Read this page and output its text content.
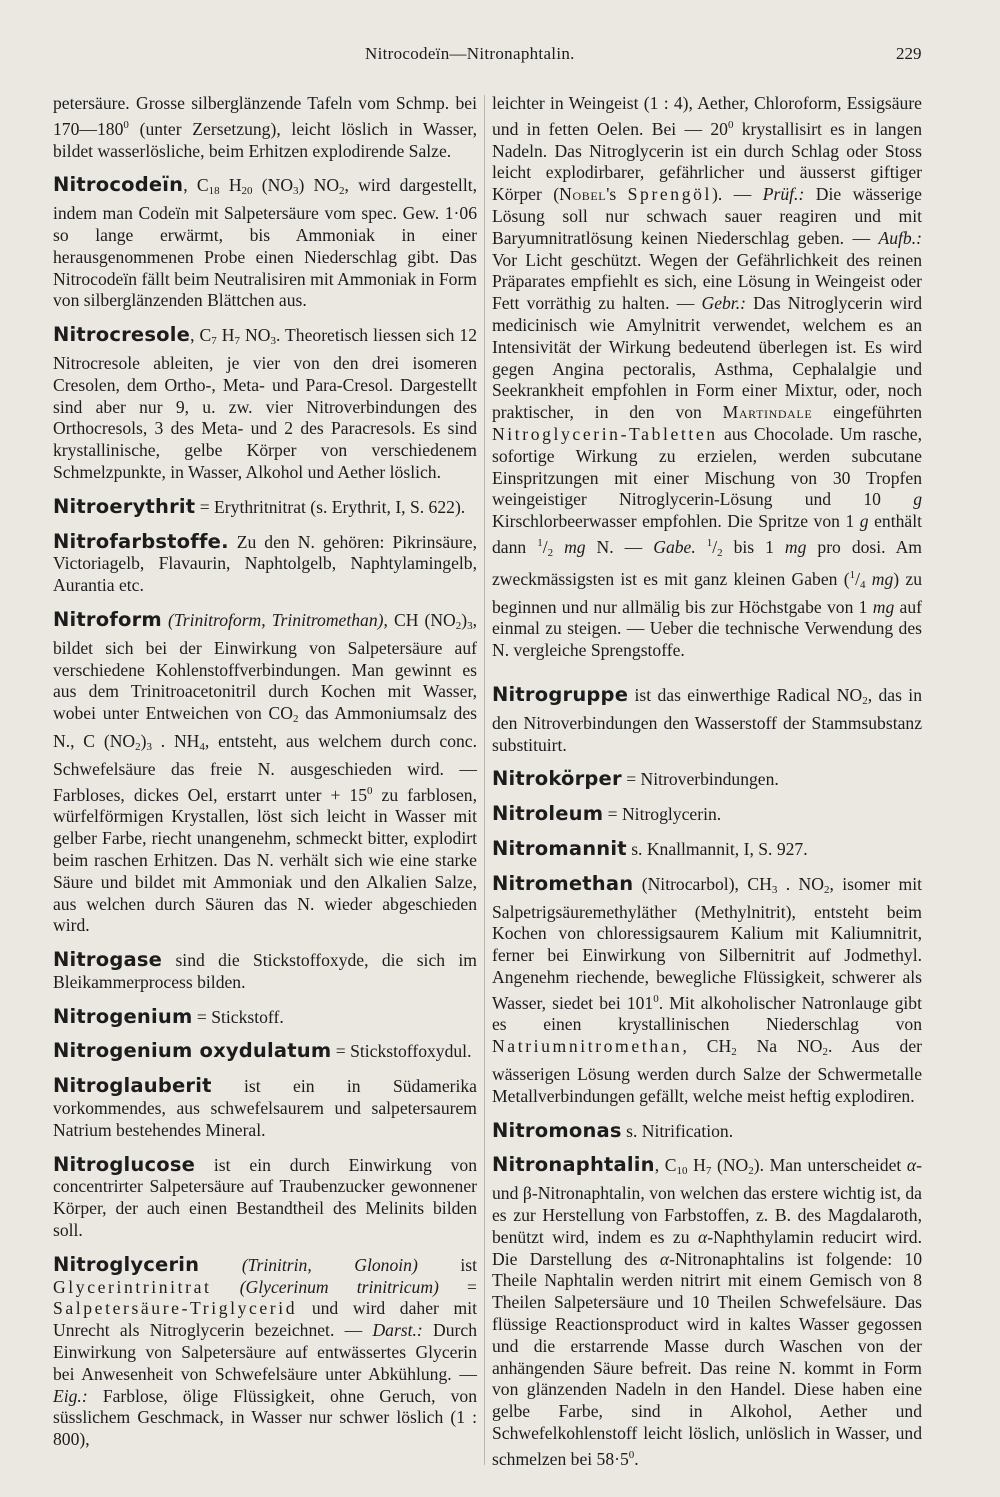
Nitrocodeïn—Nitronaphtalin.	229
petersäure. Grosse silberglänzende Tafeln vom Schmp. bei $170—180^0$ (unter Zersetzung), leicht löslich in Wasser, bildet wasserlösliche, beim Erhitzen explodirende Salze.
Nitrocodeïn, $C_{18}$ $H_{20}$ $(NO_3)$ $NO_2$, wird dargestellt, indem man Codeïn mit Salpetersäure vom spec. Gew. 1·06 so lange erwärmt, bis Ammoniak in einer herausgenommenen Probe einen Niederschlag gibt. Das Nitrocodeïn fällt beim Neutralisiren mit Ammoniak in Form von silberglänzenden Blättchen aus.
Nitrocresole, $C_7$ $H_7$ $NO_3$. Theoretisch liessen sich 12 Nitrocresole ableiten, je vier von den drei isomeren Cresolen, dem Ortho-, Meta- und Para-Cresol. Dargestellt sind aber nur 9, u. zw. vier Nitroverbindungen des Orthocresols, 3 des Meta- und 2 des Paracresols. Es sind krystallinische, gelbe Körper von verschiedenem Schmelzpunkte, in Wasser, Alkohol und Aether löslich.
Nitroerythrit = Erythritnitrat (s. Erythrit, I, S. 622).
Nitrofarbstoffe. Zu den N. gehören: Pikrinsäure, Victoriagelb, Flavaurin, Naphtolgelb, Naphtylamingelb, Aurantia etc.
Nitroform (Trinitroform, Trinitromethan), CH $(NO_2)_3$, bildet sich bei der Einwirkung von Salpetersäure auf verschiedene Kohlenstoffverbindungen. Man gewinnt es aus dem Trinitroacetonitril durch Kochen mit Wasser, wobei unter Entweichen von $CO_2$ das Ammoniumsalz des N., C $(NO_2)_3$ . $NH_4$, entsteht, aus welchem durch conc. Schwefelsäure das freie N. ausgeschieden wird. — Farbloses, dickes Oel, erstarrt unter + $15^0$ zu farblosen, würfelförmigen Krystallen, löst sich leicht in Wasser mit gelber Farbe, riecht unangenehm, schmeckt bitter, explodirt beim raschen Erhitzen. Das N. verhält sich wie eine starke Säure und bildet mit Ammoniak und den Alkalien Salze, aus welchen durch Säuren das N. wieder abgeschieden wird.
Nitrogase sind die Stickstoffoxyde, die sich im Bleikammerprocess bilden.
Nitrogenium = Stickstoff.
Nitrogenium oxydulatum = Stickstoffoxydul.
Nitroglauberit ist ein in Südamerika vorkommendes, aus schwefelsaurem und salpetersaurem Natrium bestehendes Mineral.
Nitroglucose ist ein durch Einwirkung von concentrirter Salpetersäure auf Traubenzucker gewonnener Körper, der auch einen Bestandtheil des Melinits bilden soll.
Nitroglycerin (Trinitrin, Glonoin) ist Glycerintrinitrat (Glycerinum trinitricum) = Salpetersäure-Triglycerid und wird daher mit Unrecht als Nitroglycerin bezeichnet. — Darst.: Durch Einwirkung von Salpetersäure auf entwässertes Glycerin bei Anwesenheit von Schwefelsäure unter Abkühlung. — Eig.: Farblose, ölige Flüssigkeit, ohne Geruch, von süsslichem Geschmack, in Wasser nur schwer löslich (1 : 800),
leichter in Weingeist (1 : 4), Aether, Chloroform, Essigsäure und in fetten Oelen. Bei — $20^0$ krystallisirt es in langen Nadeln. Das Nitroglycerin ist ein durch Schlag oder Stoss leicht explodirbarer, gefährlicher und äusserst giftiger Körper (Nobel's Sprengöl). — Prüf.: Die wässerige Lösung soll nur schwach sauer reagiren und mit Baryumnitratlösung keinen Niederschlag geben. — Aufb.: Vor Licht geschützt. Wegen der Gefährlichkeit des reinen Präparates empfiehlt es sich, eine Lösung in Weingeist oder Fett vorräthig zu halten. — Gebr.: Das Nitroglycerin wird medicinisch wie Amylnitrit verwendet, welchem es an Intensivität der Wirkung bedeutend überlegen ist. Es wird gegen Angina pectoralis, Asthma, Cephalalgie und Seekrankheit empfohlen in Form einer Mixtur, oder, noch praktischer, in den von Martindale eingeführten Nitroglycerin-Tabletten aus Chocolade. Um rasche, sofortige Wirkung zu erzielen, werden subcutane Einspritzungen mit einer Mischung von 30 Tropfen weingeistiger Nitroglycerin-Lösung und 10 g Kirschlorbeerwasser empfohlen. Die Spritze von 1 g enthält dann $^1/_2$ mg N. — Gabe. $^1/_2$ bis 1 mg pro dosi. Am zweckmässigsten ist es mit ganz kleinen Gaben ($^1/_4$ mg) zu beginnen und nur allmälig bis zur Höchstgabe von 1 mg auf einmal zu steigen. — Ueber die technische Verwendung des N. vergleiche Sprengstoffe.
Nitrogruppe ist das einwerthige Radical $NO_2$, das in den Nitroverbindungen den Wasserstoff der Stammsubstanz substituirt.
Nitrokörper = Nitroverbindungen.
Nitroleum = Nitroglycerin.
Nitromannit s. Knallmannit, I, S. 927.
Nitromethan (Nitrocarbol), $CH_3$ . $NO_2$, isomer mit Salpetrigsäuremethyläther (Methylnitrit), entsteht beim Kochen von chloressigsaurem Kalium mit Kaliumnitrit, ferner bei Einwirkung von Silbernitrit auf Jodmethyl. Angenehm riechende, bewegliche Flüssigkeit, schwerer als Wasser, siedet bei $101^0$. Mit alkoholischer Natronlauge gibt es einen krystallinischen Niederschlag von Natriumnitromethan, $CH_2$ Na $NO_2$. Aus der wässerigen Lösung werden durch Salze der Schwermetalle Metallverbindungen gefällt, welche meist heftig explodiren.
Nitromonas s. Nitrification.
Nitronaphtalin, $C_{10}$ $H_7$ $(NO_2)$. Man unterscheidet α- und β-Nitronaphtalin, von welchen das erstere wichtig ist, da es zur Herstellung von Farbstoffen, z. B. des Magdalaroth, benützt wird, indem es zu α-Naphthylamin reducirt wird. Die Darstellung des α-Nitronaphtalins ist folgende: 10 Theile Naphtalin werden nitrirt mit einem Gemisch von 8 Theilen Salpetersäure und 10 Theilen Schwefelsäure. Das flüssige Reactionsproduct wird in kaltes Wasser gegossen und die erstarrende Masse durch Waschen von der anhängenden Säure befreit. Das reine N. kommt in Form von glänzenden Nadeln in den Handel. Diese haben eine gelbe Farbe, sind in Alkohol, Aether und Schwefelkohlenstoff leicht löslich, unlöslich in Wasser, und schmelzen bei $58\cdot 5^0$.
